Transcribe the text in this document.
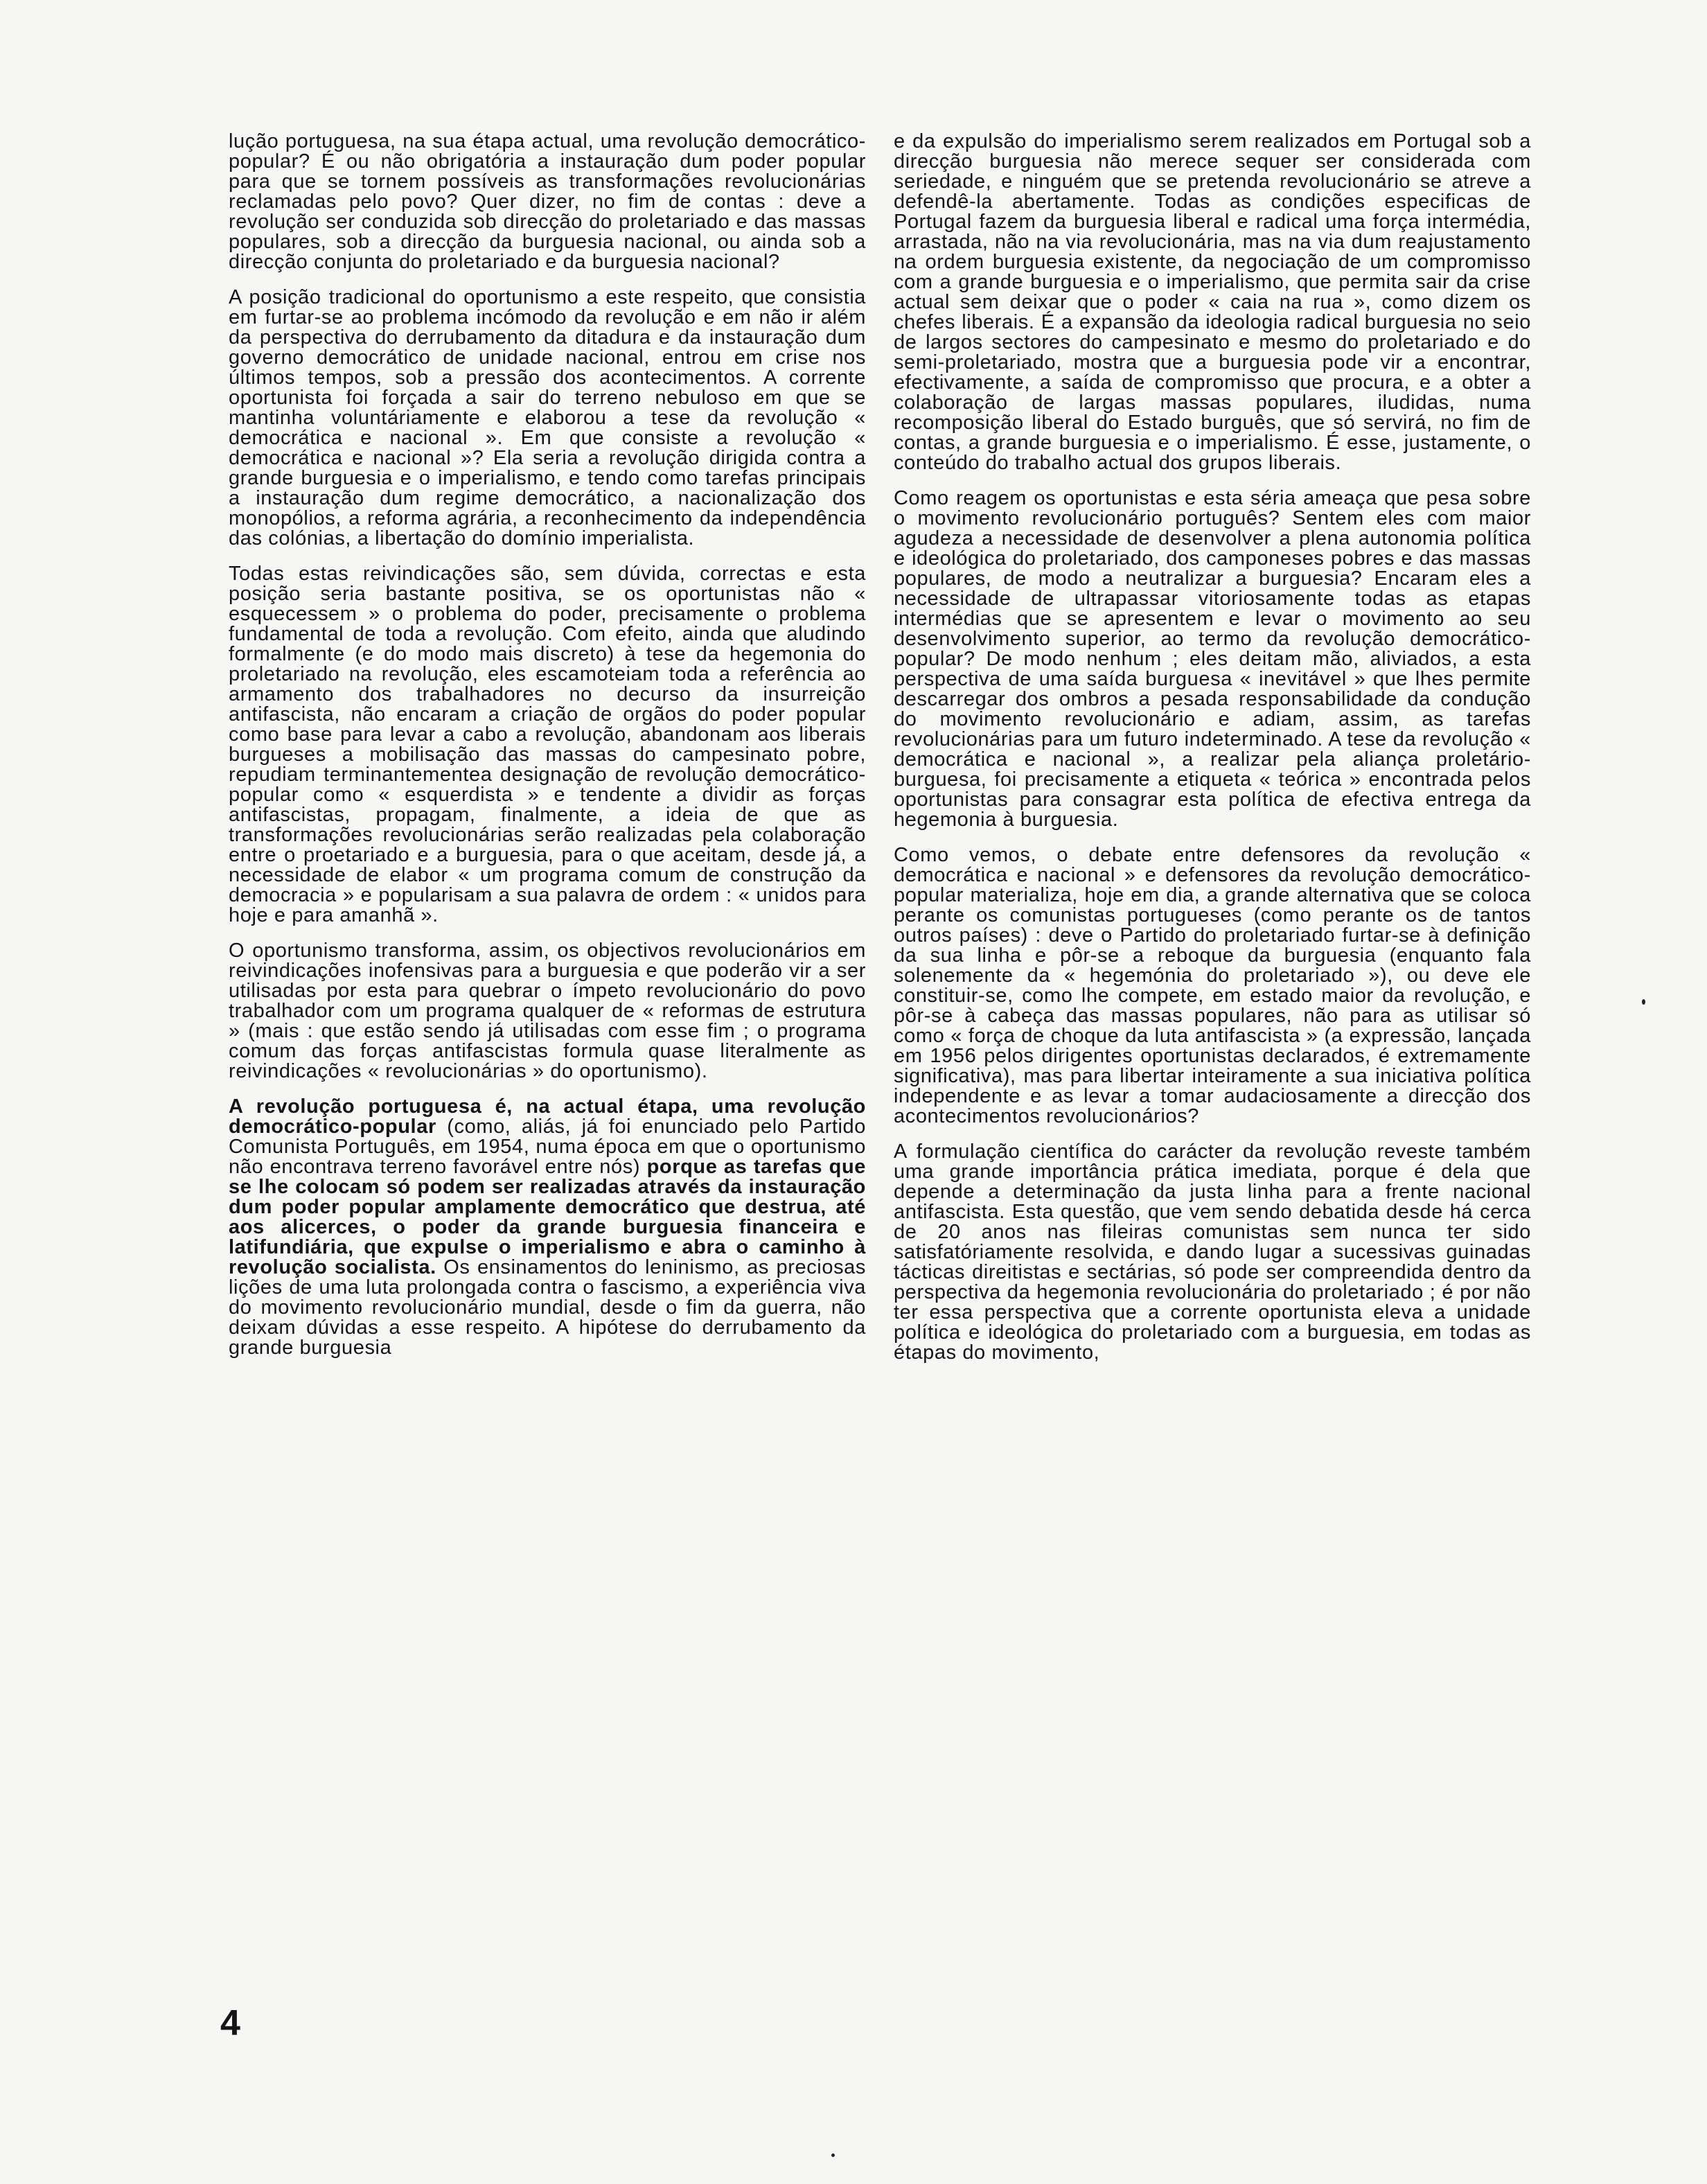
lução portuguesa, na sua étapa actual, uma revolução democrático-popular? É ou não obrigatória a instauração dum poder popular para que se tornem possíveis as transformações revolucionárias reclamadas pelo povo? Quer dizer, no fim de contas : deve a revolução ser conduzida sob direcção do proletariado e das massas populares, sob a direcção da burguesia nacional, ou ainda sob a direcção conjunta do proletariado e da burguesia nacional?

A posição tradicional do oportunismo a este respeito, que consistia em furtar-se ao problema incómodo da revolução e em não ir além da perspectiva do derrubamento da ditadura e da instauração dum governo democrático de unidade nacional, entrou em crise nos últimos tempos, sob a pressão dos acontecimentos. A corrente oportunista foi forçada a sair do terreno nebuloso em que se mantinha voluntáriamente e elaborou a tese da revolução « democrática e nacional ». Em que consiste a revolução « democrática e nacional »? Ela seria a revolução dirigida contra a grande burguesia e o imperialismo, e tendo como tarefas principais a instauração dum regime democrático, a nacionalização dos monopólios, a reforma agrária, a reconhecimento da independência das colónias, a libertação do domínio imperialista.

Todas estas reivindicações são, sem dúvida, correctas e esta posição seria bastante positiva, se os oportunistas não « esquecessem » o problema do poder, precisamente o problema fundamental de toda a revolução. Com efeito, ainda que aludindo formalmente (e do modo mais discreto) à tese da hegemonia do proletariado na revolução, eles escamoteiam toda a referência ao armamento dos trabalhadores no decurso da insurreição antifascista, não encaram a criação de orgãos do poder popular como base para levar a cabo a revolução, abandonam aos liberais burgueses a mobilisação das massas do campesinato pobre, repudiam terminantementea designação de revolução democrático-popular como « esquerdista » e tendente a dividir as forças antifascistas, propagam, finalmente, a ideia de que as transformações revolucionárias serão realizadas pela colaboração entre o proetariado e a burguesia, para o que aceitam, desde já, a necessidade de elabor « um programa comum de construção da democracia » e popularisam a sua palavra de ordem : « unidos para hoje e para amanhã ».

O oportunismo transforma, assim, os objectivos revolucionários em reivindicações inofensivas para a burguesia e que poderão vir a ser utilisadas por esta para quebrar o ímpeto revolucionário do povo trabalhador com um programa qualquer de « reformas de estrutura » (mais : que estão sendo já utilisadas com esse fim ; o programa comum das forças antifascistas formula quase literalmente as reivindicações « revolucionárias » do oportunismo).

A revolução portuguesa é, na actual étapa, uma revolução democrático-popular (como, aliás, já foi enunciado pelo Partido Comunista Português, em 1954, numa época em que o oportunismo não encontrava terreno favorável entre nós) porque as tarefas que se lhe colocam só podem ser realizadas através da instauração dum poder popular amplamente democrático que destrua, até aos alicerces, o poder da grande burguesia financeira e latifundiária, que expulse o imperialismo e abra o caminho à revolução socialista. Os ensinamentos do leninismo, as preciosas lições de uma luta prolongada contra o fascismo, a experiência viva do movimento revolucionário mundial, desde o fim da guerra, não deixam dúvidas a esse respeito. A hipótese do derrubamento da grande burguesia

e da expulsão do imperialismo serem realizados em Portugal sob a direcção burguesia não merece sequer ser considerada com seriedade, e ninguém que se pretenda revolucionário se atreve a defendê-la abertamente. Todas as condições especificas de Portugal fazem da burguesia liberal e radical uma força intermédia, arrastada, não na via revolucionária, mas na via dum reajustamento na ordem burguesia existente, da negociação de um compromisso com a grande burguesia e o imperialismo, que permita sair da crise actual sem deixar que o poder « caia na rua », como dizem os chefes liberais. É a expansão da ideologia radical burguesia no seio de largos sectores do campesinato e mesmo do proletariado e do semi-proletariado, mostra que a burguesia pode vir a encontrar, efectivamente, a saída de compromisso que procura, e a obter a colaboração de largas massas populares, iludidas, numa recomposição liberal do Estado burguês, que só servirá, no fim de contas, a grande burguesia e o imperialismo. É esse, justamente, o conteúdo do trabalho actual dos grupos liberais.

Como reagem os oportunistas e esta séria ameaça que pesa sobre o movimento revolucionário português? Sentem eles com maior agudeza a necessidade de desenvolver a plena autonomia política e ideológica do proletariado, dos camponeses pobres e das massas populares, de modo a neutralizar a burguesia? Encaram eles a necessidade de ultrapassar vitoriosamente todas as etapas intermédias que se apresentem e levar o movimento ao seu desenvolvimento superior, ao termo da revolução democrático-popular? De modo nenhum ; eles deitam mão, aliviados, a esta perspectiva de uma saída burguesa « inevitável » que lhes permite descarregar dos ombros a pesada responsabilidade da condução do movimento revolucionário e adiam, assim, as tarefas revolucionárias para um futuro indeterminado. A tese da revolução « democrática e nacional », a realizar pela aliança proletário-burguesa, foi precisamente a etiqueta « teórica » encontrada pelos oportunistas para consagrar esta política de efectiva entrega da hegemonia à burguesia.

Como vemos, o debate entre defensores da revolução « democrática e nacional » e defensores da revolução democrático-popular materializa, hoje em dia, a grande alternativa que se coloca perante os comunistas portugueses (como perante os de tantos outros países) : deve o Partido do proletariado furtar-se à definição da sua linha e pôr-se a reboque da burguesia (enquanto fala solenemente da « hegemónia do proletariado »), ou deve ele constituir-se, como lhe compete, em estado maior da revolução, e pôr-se à cabeça das massas populares, não para as utilisar só como « força de choque da luta antifascista » (a expressão, lançada em 1956 pelos dirigentes oportunistas declarados, é extremamente significativa), mas para libertar inteiramente a sua iniciativa política independente e as levar a tomar audaciosamente a direcção dos acontecimentos revolucionários?

A formulação científica do carácter da revolução reveste também uma grande importância prática imediata, porque é dela que depende a determinação da justa linha para a frente nacional antifascista. Esta questão, que vem sendo debatida desde há cerca de 20 anos nas fileiras comunistas sem nunca ter sido satisfatóriamente resolvida, e dando lugar a sucessivas guinadas tácticas direitistas e sectárias, só pode ser compreendida dentro da perspectiva da hegemonia revolucionária do proletariado ; é por não ter essa perspectiva que a corrente oportunista eleva a unidade política e ideológica do proletariado com a burguesia, em todas as étapas do movimento,

4
